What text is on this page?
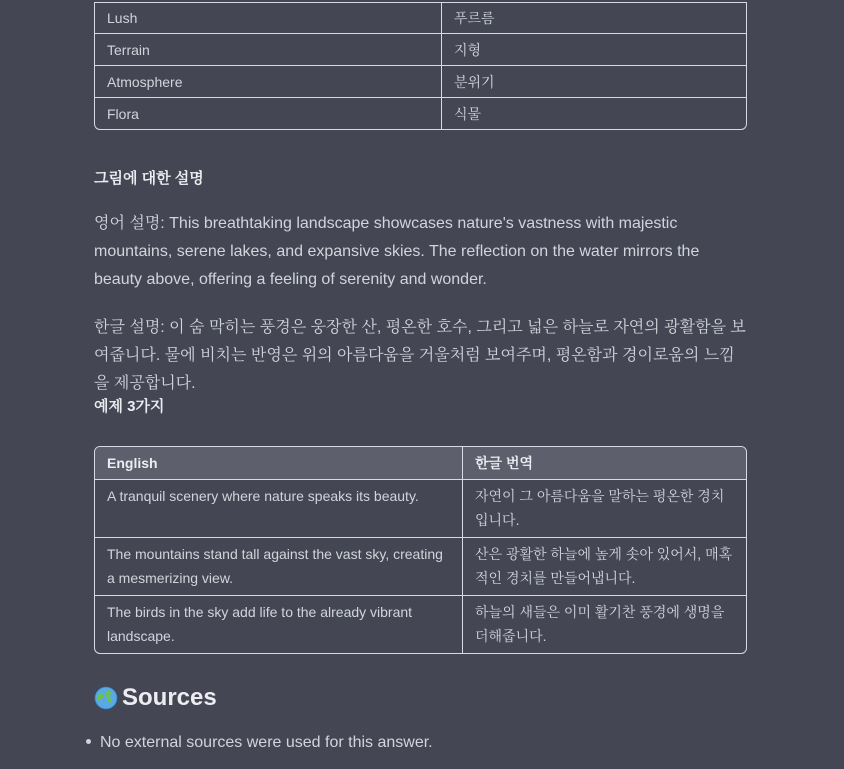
Lush	푸르름
Terrain	지형
Atmosphere	분위기
Flora	식물
그림에 대한 설명

영어 설명: This breathtaking landscape showcases nature's vastness with majestic mountains, serene lakes, and expansive skies. The reflection on the water mirrors the beauty above, offering a feeling of serenity and wonder.

한글 설명: 이 숨 막히는 풍경은 웅장한 산, 평온한 호수, 그리고 넓은 하늘로 자연의 광활함을 보여줍니다. 물에 비치는 반영은 위의 아름다움을 거울처럼 보여주며, 평온함과 경이로움의 느낌을 제공합니다.

예제 3가지
English	한글 번역
A tranquil scenery where nature speaks its beauty.	자연이 그 아름다움을 말하는 평온한 경치입니다.
The mountains stand tall against the vast sky, creating a mesmerizing view.	산은 광활한 하늘에 높게 솟아 있어서, 매혹적인 경치를 만들어냅니다.
The birds in the sky add life to the already vibrant landscape.	하늘의 새들은 이미 활기찬 풍경에 생명을 더해줍니다.
Sources
No external sources were used for this answer.
